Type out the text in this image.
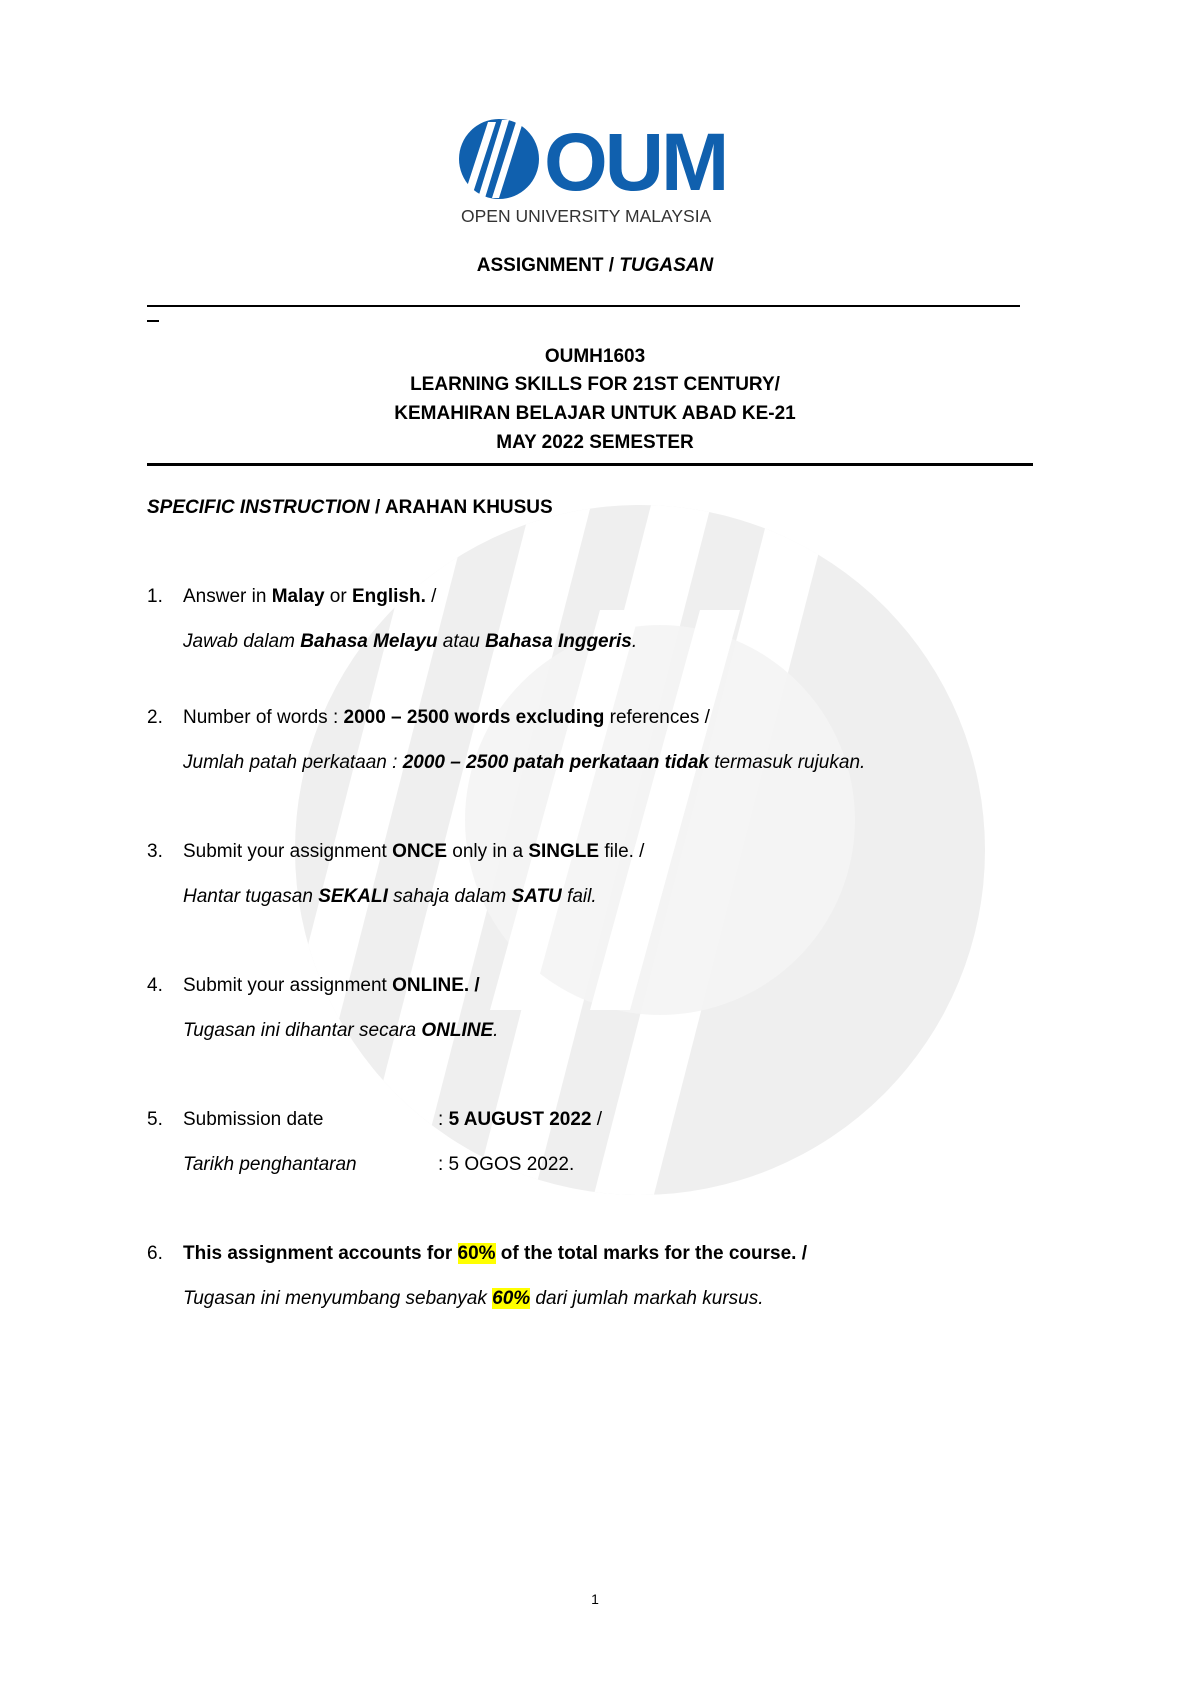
OUM
OPEN UNIVERSITY MALAYSIA
ASSIGNMENT / TUGASAN
OUMH1603
LEARNING SKILLS FOR 21ST CENTURY/
KEMAHIRAN BELAJAR UNTUK ABAD KE-21
MAY 2022 SEMESTER
SPECIFIC INSTRUCTION / ARAHAN KHUSUS
1. Answer in Malay or English. /
Jawab dalam Bahasa Melayu atau Bahasa Inggeris.
2. Number of words : 2000 – 2500 words excluding references /
Jumlah patah perkataan : 2000 – 2500 patah perkataan tidak termasuk rujukan.
3. Submit your assignment ONCE only in a SINGLE file. /
Hantar tugasan SEKALI sahaja dalam SATU fail.
4. Submit your assignment ONLINE. /
Tugasan ini dihantar secara ONLINE.
5. Submission date	: 5 AUGUST 2022 /
Tarikh penghantaran	: 5 OGOS 2022.
6. This assignment accounts for 60% of the total marks for the course. /
Tugasan ini menyumbang sebanyak 60% dari jumlah markah kursus.
1
